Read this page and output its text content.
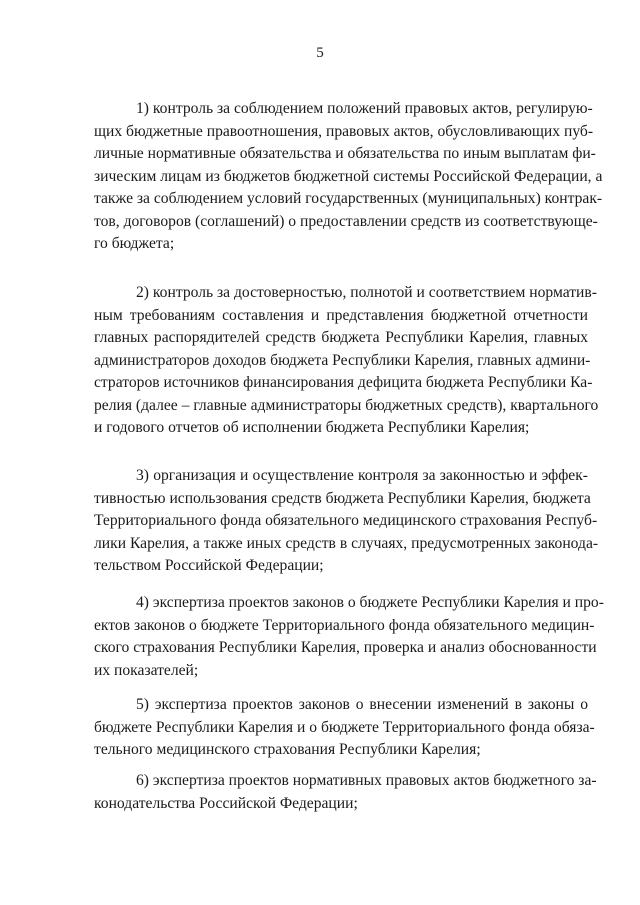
5
1) контроль за соблюдением положений правовых актов, регулирую-
щих бюджетные правоотношения, правовых актов, обусловливающих пуб-
личные нормативные обязательства и обязательства по иным выплатам фи-
зическим лицам из бюджетов бюджетной системы Российской Федерации, а
также за соблюдением условий государственных (муниципальных) контрак-
тов, договоров (соглашений) о предоставлении средств из соответствующе-
го бюджета;
2) контроль за достоверностью, полнотой и соответствием норматив-
ным требованиям составления и представления бюджетной отчетности
главных распорядителей средств бюджета Республики Карелия, главных
администраторов доходов бюджета Республики Карелия, главных админи-
страторов источников финансирования дефицита бюджета Республики Ка-
релия (далее – главные администраторы бюджетных средств), квартального
и годового отчетов об исполнении бюджета Республики Карелия;
3) организация и осуществление контроля за законностью и эффек-
тивностью использования средств бюджета Республики Карелия, бюджета
Территориального фонда обязательного медицинского страхования Респуб-
лики Карелия, а также иных средств в случаях, предусмотренных законода-
тельством Российской Федерации;
4) экспертиза проектов законов о бюджете Республики Карелия и про-
ектов законов о бюджете Территориального фонда обязательного медицин-
ского страхования Республики Карелия, проверка и анализ обоснованности
их показателей;
5) экспертиза проектов законов о внесении изменений в законы о
бюджете Республики Карелия и о бюджете Территориального фонда обяза-
тельного медицинского страхования Республики Карелия;
6) экспертиза проектов нормативных правовых актов бюджетного за-
конодательства Российской Федерации;
